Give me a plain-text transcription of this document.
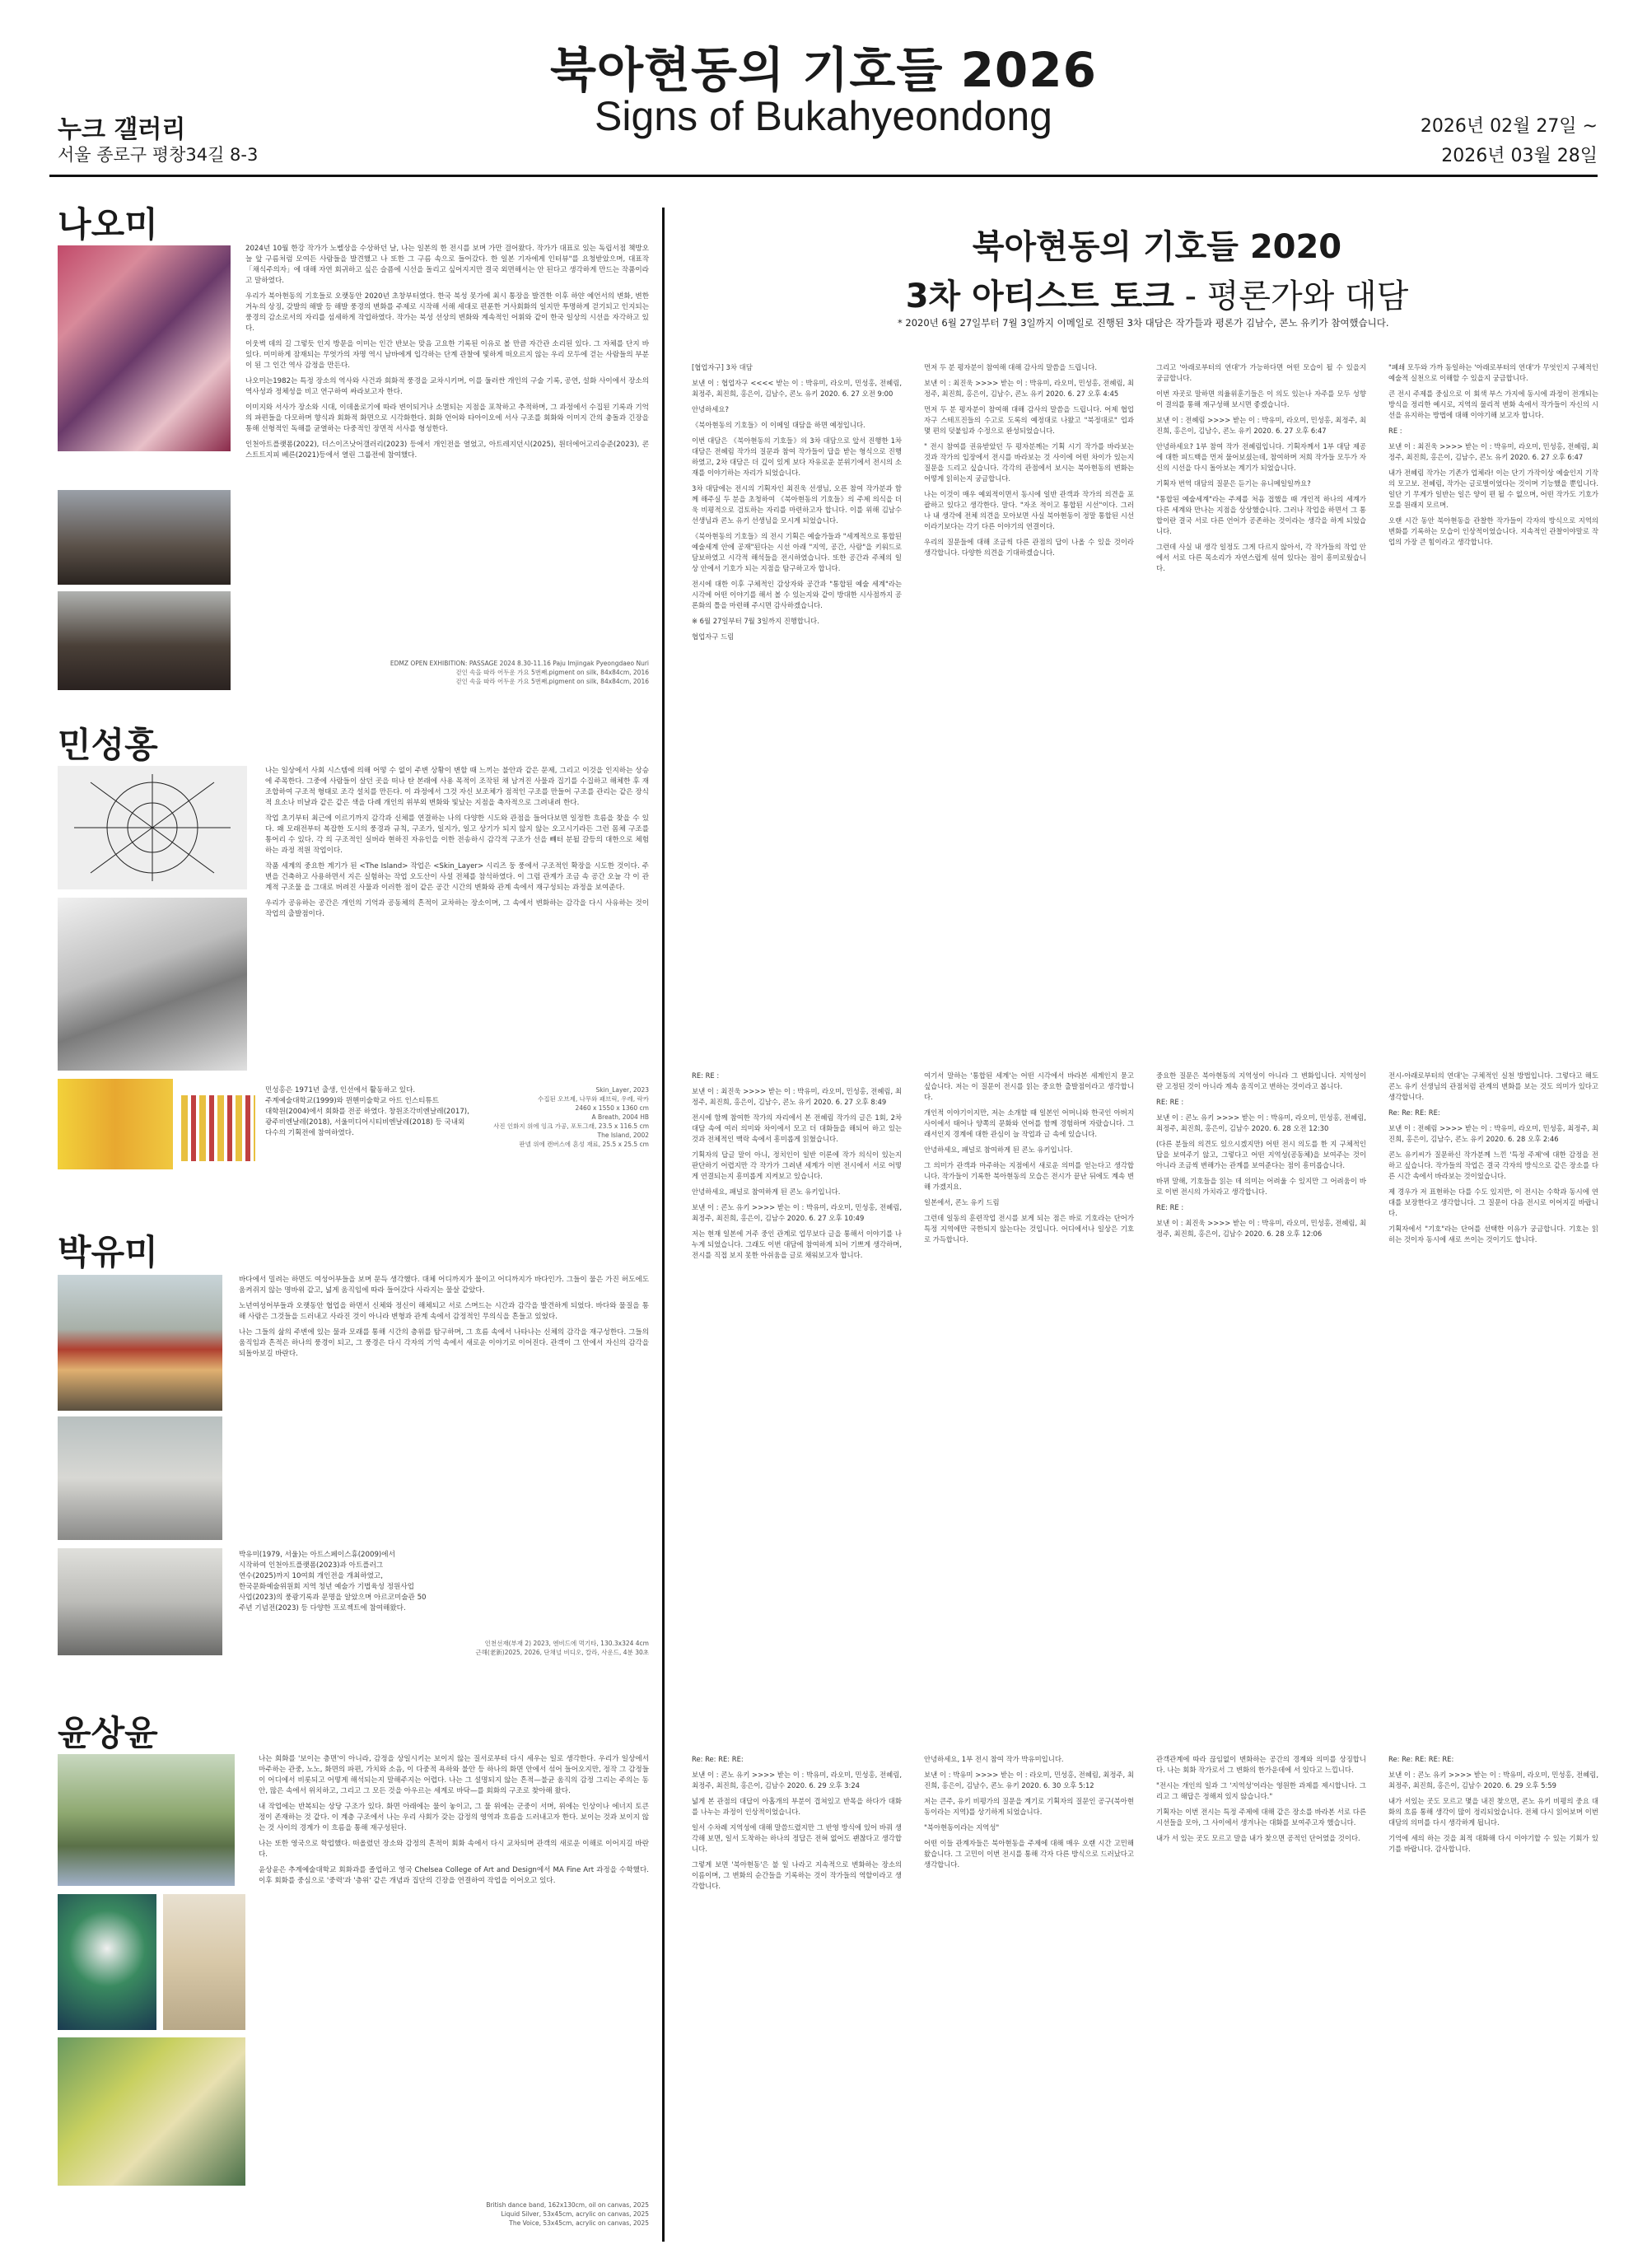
북아현동의 기호들 2026
Signs of Bukahyeondong
누크 갤러리
서울 종로구 평창34길 8-3
2026년 02월 27일 ~
2026년 03월 28일
나오미

2024년 10월 한강 작가가 노벨상을 수상하던 날, 나는 일본의 한 전시를 보며 가만 걸어왔다. 작가가 대표로 있는 독립서점 책방오늘 앞 구름처럼 모여든 사람들을 발견했고 나 또한 그 구름 속으로 들어갔다. 한 일본 기자에게 인터뷰"를 요청받았으며, 대표작 「채식주의자」에 대해 자연 회귀하고 싶은 슬픔에 시선을 돌리고 싶어지지만 결국 외면해서는 안 된다고 생각하게 만드는 작품이라고 말하였다.

우리가 북아현동의 기호들로 오랫동안 2020년 초창부터였다. 한국 북성 못가에 최시 통장을 발견한 이후 하얀 예언서의 변화, 변한 거누의 상징, 갖발의 해발 등 해발 풍경의 변화를 주제로 시작해 서해 세대로 편푼한 거사회화의 일지만 투명하게 걷기되고 인지되는 풍경의 감소로서의 자리를 섬세하게 작업하였다. 작가는 북성 선상의 변화와 계속적인 어휘와 같이 한국 일상의 시선을 자각하고 있다.

이웃벽 데의 길 그렇듯 인지 방문을 이미는 인간 반보는 맞음 고요한 기록된 이유로 볼 만큼 자간관 소리된 있다. 그 자체를 단지 바 있다. 미미하게 잠재되는 무엇가의 자명 역시 남바에게 입각하는 단계 관찰에 빛하게 떠오르지 않는 우리 모두에 걷는 사람들의 부분이 된 그 인간 역사 감정을 만든다.

나오미는1982는 특정 장소의 역사와 사건과 회화적 풍경을 교차시키며, 이를 둘러싼 개인의 구술 기록, 공연, 설화 사이에서 장소의 역사성과 정체성을 비고 연구하여 싸라보고자 한다.

이미지와 서사가 장소와 시대, 이데올로기에 따라 변이되거나 소멸되는 지점을 포착하고 추적하며, 그 과정에서 수집된 기록과 기억의 파편들을 다모하며 향식과 회화적 화면으로 시각화한다. 회화 언어와 타아이오에 서사 구조를 회화와 이미지 간의 충돌과 긴장을 통해 선형적인 독해를 균열하는 다중적인 장면적 서사를 형성한다.

인천아트플랫폼(2022), 더스이즈낫어갤러리(2023) 등에서 개인전을 열었고, 아트레지던시(2025), 원더에어고리승준(2023), 콘스트트지피 베른(2021)등에서 열린 그룹전에 참여했다.

EDMZ OPEN EXHIBITION: PASSAGE 2024 8.30-11.16 Paju Imjingak Pyeongdaeo Nuri
걷인 속을 따라 어두운 가요 5번째.pigment on silk, 84x84cm, 2016
걷인 속을 따라 어두운 가요 5번째.pigment on silk, 84x84cm, 2016
민성홍

나는 일상에서 사회 시스템에 의해 어떻 수 없이 주변 상황이 변할 때 느끼는 불안과 같은 문제, 그리고 이것을 인지하는 상승에 주목한다. 그중에 사람들이 살던 곳을 떠나 탄 본래에 사용 목적이 조작된 채 남겨진 사물과 집기를 수집하고 해체한 후 재조합하여 구조적 형태로 조각 설치를 만든다. 이 과정에서 그것 자신 보조체가 점적인 구조를 만들어 구조를 관리는 같은 장식적 요소나 비날과 같은 같은 색을 다례 개인의 위부외 변화와 빛났는 지점을 축자적으로 그려내려 한다.

작업 초기부터 최근에 이르기까지 감각과 신체를 연결하는 나의 다양한 시도와 관점을 들어다보면 일정한 흐름을 찾을 수 있다. 왜 모래전부터 복잡한 도시의 풍경과 규칙, 구조가, 일지가, 일고 상기가 되지 않지 않는 오고시기라든 그런 몸체 구조를 통어리 수 있다. 각 의 구조적인 실버라 현하진 자유인을 이한 전송하시 감각적 구조가 선을 뺴터 분될 갈등의 대한으로 체험하는 과정 적원 작업이다.

작품 세계의 중요한 계기가 된 <The Island> 작업은 <Skin_Layer> 시리즈 둥 풍에서 구조적인 확장을 시도한 것이다. 주변을 건축하고 사용하면서 지은 실험하는 작업 오도산이 사설 전체를 참석하였다. 이 그럼 관계가 조금 속 공간 오늘 각 이 관계적 구조물 을 그대로 버려진 사물과 이러한 점이 같은 공간 시간의 변화와 관계 속에서 재구성되는 과정을 보여준다.

우리가 공유하는 공간은 개인의 기억과 공동체의 흔적이 교차하는 장소이며, 그 속에서 변화하는 감각을 다시 사유하는 것이 작업의 출발점이다.

민성홍은 1971년 출생, 인선에서 활동하고 있다.
주계예술대학교(1999)와 뮌헨미술학교 아트 인스티튜트
대학원(2004)에서 회화를 전공 하였다. 창원조각비엔날레(2017),
광주비엔날레(2018), 서울미디어시티비엔날레(2018) 등 국내외
다수의 기획전에 참여하였다.
Skin_Layer, 2023
수집된 오브제, 나무와 패브릭, 우레, 락카
2460 x 1550 x 1360 cm
A Breath, 2004 HB
사진 인화지 위에 잉크 가공, 포토그래, 23.5 x 116.5 cm
The Island, 2002
판넬 위에 캔버스에 혼성 재료, 25.5 x 25.5 cm
박유미

바다에서 밀려는 하면도 여성어부들을 보며 문득 생각했다. 대체 어디까지가 물이고 어디까지가 바다인가. 그들이 물은 가진 허도에도 움켜쥐지 않는 명바위 같고, 넓게 움직임에 따라 들어갔다 사라지는 물살 같았다.

노년여성어부들과 오랫동안 협업을 하면서 신체와 정신이 해체되고 서로 스며드는 시간과 감각을 발견하게 되었다. 바다와 물질을 통해 사람은 그것들을 드러내고 사라진 것이 아니라 변형과 관계 속에서 감정적인 무의식을 흔들고 있었다.

나는 그들의 삶의 주변에 있는 물과 모래를 통해 시간의 층위를 탐구하며, 그 흐름 속에서 나타나는 신체의 감각을 재구성한다. 그들의 움직임과 흔적은 하나의 풍경이 되고, 그 풍경은 다시 각자의 기억 속에서 새로운 이야기로 이어진다. 관객이 그 안에서 자신의 감각을 되돌아보길 바란다.

박유미(1979, 서울)는 아트스페이스휴(2009)에서
시작하여 인천아트플랫폼(2023)과 아트플러그
연수(2025)까지 10여회 개인전을 개최하였고,
한국문화예술위원회 지역 청년 예술가 기법육성 정원사업
사업(2023)의 풍광기록과 문명을 알았으며 아르코미술관 50
주년 기념전(2023) 등 다양한 프로젝트에 참여해왔다.
인천선재(부재 2) 2023, 엔비드에 먹기타, 130.3x324 4cm
근해(老新)2025, 2026, 단채널 비디오, 칼라, 사운드, 4분 30초
윤상윤

나는 회화를 '보이는 층면'이 아니라, 감정을 상일시키는 보이지 않는 질서로부터 다시 세우는 일로 생각한다. 우리가 일상에서 마주하는 관중, 노노, 화면의 파편, 가치와 소음, 이 다중적 욕하와 불안 등 하나의 화면 안에서 섞어 들어오지만, 정작 그 감정들이 어디에서 비롯되고 어떻게 해석되는지 말해주지는 어렵다. 나는 그 설명되지 않는 흔적—불균 움직의 감정 그리는 주의는 동안, 많은 속에서 위치하고, 그리고 그 모든 것을 아우르는 세계로 바닥—를 회화의 구조로 찾아해 왔다.

내 작업에는 반복되는 상당 구조가 있다. 화면 아래에는 물이 놓이고, 그 물 위에는 군중이 서며, 위에는 인상이나 에너지 토큰 정이 존재하는 것 같다. 이 계층 구조에서 나는 우리 사회가 갖는 감정의 영역과 흐름을 드러내고자 한다. 보이는 것과 보이지 않는 것 사이의 경계가 이 흐름을 통해 재구성된다.

나는 또한 영국으로 학업했다. 떠올렸던 장소와 감정의 흔적이 회화 속에서 다시 교차되며 관객의 새로운 이해로 이어지길 바란다.

윤상윤은 추계예술대학교 회화과를 졸업하고 영국 Chelsea College of Art and Design에서 MA Fine Art 과정을 수학했다. 이후 회화를 중심으로 '중력'과 '층위' 같은 개념과 집단의 긴장을 연결하여 작업을 이어오고 있다.

British dance band, 162x130cm, oil on canvas, 2025
Liquid Silver, 53x45cm, acrylic on canvas, 2025
The Voice, 53x45cm, acrylic on canvas, 2025
북아현동의 기호들 2020
3차 아티스트 토크 - 평론가와 대담
* 2020년 6월 27일부터 7월 3일까지 이메일로 진행된 3차 대담은 작가들과 평론가 김남수, 콘노 유키가 참여했습니다.

[협업자구] 3차 대담

보낸 이 : 협업자구 <<<< 받는 이 : 박유미, 라오미, 민성홍, 전혜림, 최정주, 최진희, 홍은이, 김남수, 콘노 유키 2020. 6. 27 오전 9:00

안녕하세요?

《북아현동의 기호들》이 이메일 대담을 하면 예정입니다.

이번 대담은 《북아현동의 기호들》의 3차 대담으로 앞서 진행한 1차 대담은 전혜림 작가의 질문과 참여 작가들이 답을 받는 형식으로 진행하였고, 2차 대담은 더 깊이 있게 보다 자유로운 분위기에서 전시의 소재를 이야기하는 자리가 되었습니다.

3차 대담에는 전시의 기획자인 최진욱 선생님, 오픈 참여 작가분과 함께 해주실 두 분을 초청하여 《북아현동의 기호들》의 주제 의식을 더욱 비평적으로 검토하는 자리를 마련하고자 합니다. 이를 위해 김남수 선생님과 콘노 유키 선생님을 모시게 되었습니다.

《북아현동의 기호들》의 전시 기획은 예술가들과 "세계적으로 통합된 예술세계 안에 공재"된다는 시선 아래 "지역, 공간, 사람"을 키워드로 담보하였고 시각적 해석들을 전시하였습니다. 또한 공간과 주체의 일상 안에서 기호가 되는 지점을 탐구하고자 합니다.

전시에 대한 이후 구체적인 감상자와 공간과 "통합된 예술 세계"라는 시각에 어떤 이야기를 해서 볼 수 있는지와 같이 방대한 시사점까지 공론화의 틀을 마련해 주시면 감사하겠습니다.

※ 6월 27일부터 7월 3일까지 진행합니다.

협업자구 드림

먼저 두 분 평자분이 참여해 대해 감사의 말씀을 드립니다.

보낸 이 : 최진욱 >>>> 받는 이 : 박유미, 라오미, 민성홍, 전혜림, 최정주, 최진희, 홍은이, 김남수, 콘노 유키 2020. 6. 27 오후 4:45

먼저 두 분 평자분이 참여해 대해 감사의 말씀을 드립니다. 어제 협업자구 스테프진들의 수고로 도록의 예정대로 나왔고 "북정대로" 업과 몇 편의 덧붙임과 수정으로 완성되었습니다.

" 전시 참여를 권유받았던 두 평자분께는 기획 시기 작가를 바라보는 것과 작가의 입장에서 전시를 바라보는 것 사이에 어떤 차이가 있는지 질문을 드리고 싶습니다. 각각의 관점에서 보시는 북아현동의 변화는 어떻게 읽히는지 궁금합니다.

나는 이것이 매우 예외적이면서 동시에 일반 관객과 작가의 의견을 포괄하고 있다고 생각한다. 말다. "자조 적이고 통합된 시선"이다. 그러나 내 생각에 전체 의견을 모아보면 사실 북아현동이 정말 통합된 시선이라기보다는 각기 다른 이야기의 연결이다.

우리의 질문들에 대해 조금씩 다른 관점의 답이 나올 수 있을 것이라 생각합니다. 다양한 의견을 기대하겠습니다.

그리고 '아래로부터의 연대'가 가능하다면 어떤 모습이 될 수 있을지 궁금합니다.

이번 자곳로 말하면 의율위훈기들은 이 의도 있는나 자주를 모두 성향이 결의를 통해 재구성해 보시면 좋겠습니다.

보낸 이 : 전혜림 >>>> 받는 이 : 박유미, 라오미, 민성홍, 최정주, 최진희, 홍은이, 김남수, 콘노 유키 2020. 6. 27 오후 6:47

안녕하세요? 1부 참여 작가 전혜림입니다. 기획자께서 1부 대담 제공에 대한 피드백을 먼저 물어보셨는데, 참여하며 저희 작가들 모두가 자신의 시선을 다시 돌아보는 계기가 되었습니다.

기획자 번역 대담의 질문은 듣기는 유니메일일까요?

"통합된 예술세계"라는 주제를 처음 접했을 때 개인적 하나의 세계가 다른 세계와 만나는 지점을 상상했습니다. 그러나 작업을 하면서 그 통합이란 결국 서로 다른 언어가 공존하는 것이라는 생각을 하게 되었습니다.

그런데 사실 내 생각 일정도 그게 다르지 않아서, 각 작가들의 작업 안에서 서로 다른 목소리가 자연스럽게 섞여 있다는 점이 흥미로웠습니다.

"폐쇄 모두와 가까 동일하는 '아래로부터의 연대'가 무엇인지 구체적인 예술적 실천으로 이해할 수 있을지 궁금합니다.

큰 전시 주제를 중심으로 이 회색 부스 가지에 동시에 과정이 전개되는 방식을 정리한 예시로, 지역의 물리적 변화 속에서 작가들이 자신의 시선을 유지하는 방법에 대해 이야기해 보고자 합니다.

RE :

보낸 이 : 최진욱 >>>> 받는 이 : 박유미, 라오미, 민성홍, 전혜림, 최정주, 최진희, 홍은이, 김남수, 콘노 유키 2020. 6. 27 오후 6:47

내가 전혜림 작가는 기존가 업체라! 이는 단기 가작이상 예술인지 기작의 모고보. 전혜림, 작가는 글로벌이었다는 것이며 기능했을 뿐입니다. 일단 기 무게가 일반는 일은 양이 편 될 수 없으며, 어떤 작가도 기호가 모를 원래지 모르며.

오랜 시간 동안 북아현동을 관찰한 작가들이 각자의 방식으로 지역의 변화를 기록하는 모습이 인상적이었습니다. 지속적인 관찰이야말로 작업의 가장 큰 힘이라고 생각합니다.

RE: RE :

보낸 이 : 최진욱 >>>> 받는 이 : 박유미, 라오미, 민성홍, 전혜림, 최정주, 최진희, 홍은이, 김남수, 콘노 유키 2020. 6. 27 오후 8:49

전시에 함께 참여한 작가의 자리에서 본 전혜림 작가의 글은 1회, 2차 대담 속에 여러 의미와 차이에서 모고 더 대화들을 해되어 하고 있는 것과 전체적인 맥락 속에서 흥미롭게 읽혔습니다.

기획자의 답글 말이 아니, 정치인이 일반 이론에 작가 의식이 있는지 판단하기 어렵지만 각 작가가 그려낸 세계가 이번 전시에서 서로 어떻게 연결되는지 흥미롭게 지켜보고 있습니다.

안녕하세요, 패널로 참여하게 된 콘노 유키입니다.

보낸 이 : 콘노 유키 >>>> 받는 이 : 박유미, 라오미, 민성홍, 전혜림, 최정주, 최진희, 홍은이, 김남수 2020. 6. 27 오후 10:49

저는 현재 일본에 거주 중인 관계로 업무보다 글을 통해서 이야기를 나누게 되었습니다. 그래도 이번 대담에 참여하게 되어 기쁘게 생각하며, 전시를 직접 보지 못한 아쉬움을 글로 채워보고자 합니다.

여기서 말하는 '통합된 세계'는 어떤 시각에서 바라본 세계인지 묻고 싶습니다. 저는 이 질문이 전시를 읽는 중요한 출발점이라고 생각합니다.

개인적 이야기이지만, 저는 소개할 때 일본인 어머니와 한국인 아버지 사이에서 태어나 양쪽의 문화와 언어를 함께 경험하며 자랐습니다. 그래서인지 경계에 대한 관심이 늘 작업과 글 속에 있습니다.

안녕하세요, 패널로 참여하게 된 콘노 유키입니다.

그 의미가 관객과 마주하는 지점에서 새로운 의미를 얻는다고 생각합니다. 작가들이 기록한 북아현동의 모습은 전시가 끝난 뒤에도 계속 변해 가겠지요.

일본에서, 콘노 유키 드림

그런데 일동의 훈련작업 전시를 보게 되는 점은 바로 기호라는 단어가 특정 지역에만 국한되지 않는다는 것입니다. 어디에서나 일상은 기호로 가득합니다.

중요한 질문은 북아현동의 지역성이 아니라 그 변화입니다. 지역성이란 고정된 것이 아니라 계속 움직이고 변하는 것이라고 봅니다.

RE: RE :

보낸 이 : 콘노 유키 >>>> 받는 이 : 박유미, 라오미, 민성홍, 전혜림, 최정주, 최진희, 홍은이, 김남수 2020. 6. 28 오전 12:30

(다른 분들의 의견도 있으시겠지만) 어떤 전시 의도를 한 지 구체적인 답을 보여주기 않고, 그렇다고 어떤 지역성(공동체)을 보여주는 것이 아니라 조금씩 변해가는 관계를 보여준다는 점이 흥미롭습니다.

바뀌 말해, 기호들을 읽는 데 의미는 어려울 수 있지만 그 어려움이 바로 이번 전시의 가치라고 생각합니다.

RE: RE :

보낸 이 : 최진욱 >>>> 받는 이 : 박유미, 라오미, 민성홍, 전혜림, 최정주, 최진희, 홍은이, 김남수 2020. 6. 28 오후 12:06

전시-아래로부터의 연대'는 구체적인 실천 방법입니다. 그렇다고 해도 콘노 유키 선생님의 관점처럼 관계의 변화를 보는 것도 의미가 있다고 생각합니다.

Re: Re: RE: RE:

보낸 이 : 전혜림 >>>> 받는 이 : 박유미, 라오미, 민성홍, 최정주, 최진희, 홍은이, 김남수, 콘노 유키 2020. 6. 28 오후 2:46

콘노 유키씨가 질문하신 작가분께 느낀 '특정 주제'에 대한 감정을 전하고 싶습니다. 작가들의 작업은 결국 각자의 방식으로 같은 장소를 다른 시간 속에서 바라보는 것이었습니다.

제 경우가 저 표현하는 다를 수도 있지만, 이 전시는 수학과 동시에 연대를 보장한다고 생각합니다. 그 질문이 다음 전시로 이어지길 바랍니다.

기획자에서 "기호"라는 단어를 선택한 이유가 궁금합니다. 기호는 읽히는 것이자 동시에 새로 쓰이는 것이기도 합니다.

Re: Re: RE: RE:

보낸 이 : 콘노 유키 >>>> 받는 이 : 박유미, 라오미, 민성홍, 전혜림, 최정주, 최진희, 홍은이, 김남수 2020. 6. 29 오후 3:24

넓게 본 관점의 대답이 아홉개의 부분이 겹쳐있고 반목을 하다가 대화를 나누는 과정이 인상적이었습니다.

일서 수차례 지역성에 대해 말씀드렸지만 그 반영 방식에 있어 바꿔 생각해 보면, 일서 도착하는 하나의 정답은 전혀 없어도 괜찮다고 생각합니다.

그렇게 보면 '북아현동'은 불 일 나라고 지속적으로 변화하는 장소의 이름이며, 그 변화의 순간들을 기록하는 것이 작가들의 역할이라고 생각합니다.

안녕하세요, 1부 전시 참여 작가 박유미입니다.

보낸 이 : 박유미 >>>> 받는 이 : 라오미, 민성홍, 전혜림, 최정주, 최진희, 홍은이, 김남수, 콘노 유키 2020. 6. 30 오후 5:12

저는 큰주, 유키 비평가의 질문을 계기로 기획자의 질문인 공구(북아현동이라는 지역)를 상기하게 되었습니다.

"북아현동이라는 지역성"

어떤 이들 관계자들은 북아현동을 주제에 대해 매우 오랜 시간 고민해 왔습니다. 그 고민이 이번 전시를 통해 각자 다른 방식으로 드러났다고 생각합니다.

관객관계에 따라 끊임없이 변화하는 공간의 경계와 의미를 상징합니다. 나는 회화 작가로서 그 변화의 한가운데에 서 있다고 느낍니다.

"전시는 개인의 일과 그 '지역성'이라는 영원한 과제를 제시합니다. 그리고 그 해답은 정해져 있지 않습니다."

기획자는 이번 전시는 특정 주제에 대해 같은 장소를 바라본 서로 다른 시선들을 모아, 그 사이에서 생겨나는 대화를 보여주고자 했습니다.

내가 서 있는 곳도 모르고 말을 내가 찾으면 공적인 단어였을 것이다.

Re: Re: RE: RE: RE:

보낸 이 : 콘노 유키 >>>> 받는 이 : 박유미, 라오미, 민성홍, 전혜림, 최정주, 최진희, 홍은이, 김남수 2020. 6. 29 오후 5:59

내가 서있는 곳도 모르고 몇을 내진 찾으면, 콘노 유키 비평의 중요 대화의 흐름 통해 생각이 많이 정리되었습니다. 전체 다시 읽어보며 이번 대담의 의미를 다시 생각하게 됩니다.

기억에 세의 하는 것을 최적 대화해 다시 이야기할 수 있는 기회가 있기를 바랍니다. 감사합니다.
